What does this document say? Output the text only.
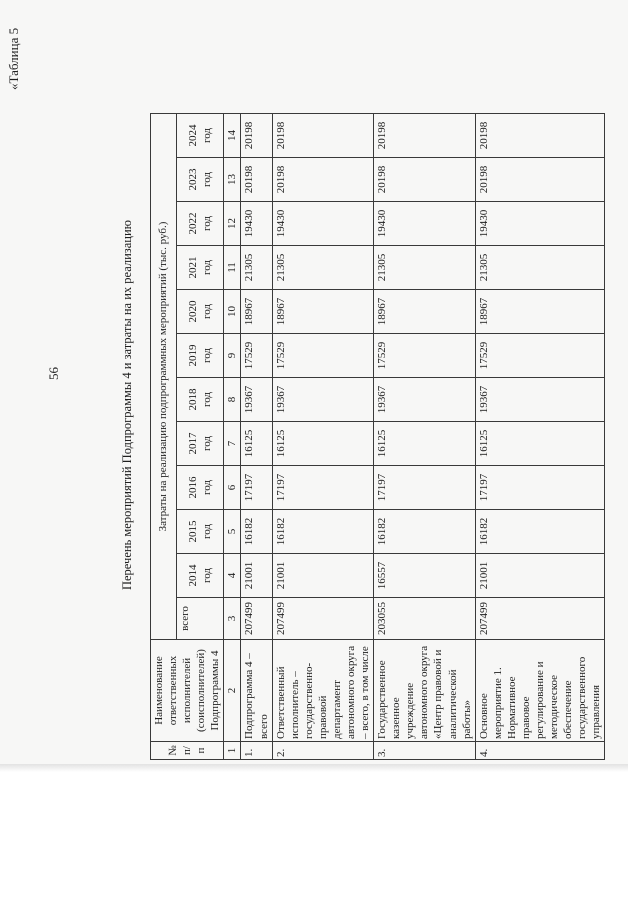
«Таблица 5
56	Перечень мероприятий Подпрограммы 4 и затраты на их реализацию
№ п/п	Наименование ответственных исполнителей (соисполнителей) Подпрограммы 4	Затраты на реализацию подпрограммных мероприятий (тыс. руб.)											
		всего	2014 год	2015 год	2016 год	2017 год	2018 год	2019 год	2020 год	2021 год	2022 год	2023 год	2024 год
1	2	3	4	5	6	7	8	9	10	11	12	13	14
1.	Подпрограмма 4 – всего	207499	21001	16182	17197	16125	19367	17529	18967	21305	19430	20198	20198
2.	Ответственный исполнитель – государственно-правовой департамент автономного округа – всего, в том числе	207499	21001	16182	17197	16125	19367	17529	18967	21305	19430	20198	20198
3.	Государственное казенное учреждение автономного округа «Центр правовой и аналитической работы»	203055	16557	16182	17197	16125	19367	17529	18967	21305	19430	20198	20198
4.	Основное мероприятие 1. Нормативное правовое регулирование и методическое обеспечение государственного управления	207499	21001	16182	17197	16125	19367	17529	18967	21305	19430	20198	20198
